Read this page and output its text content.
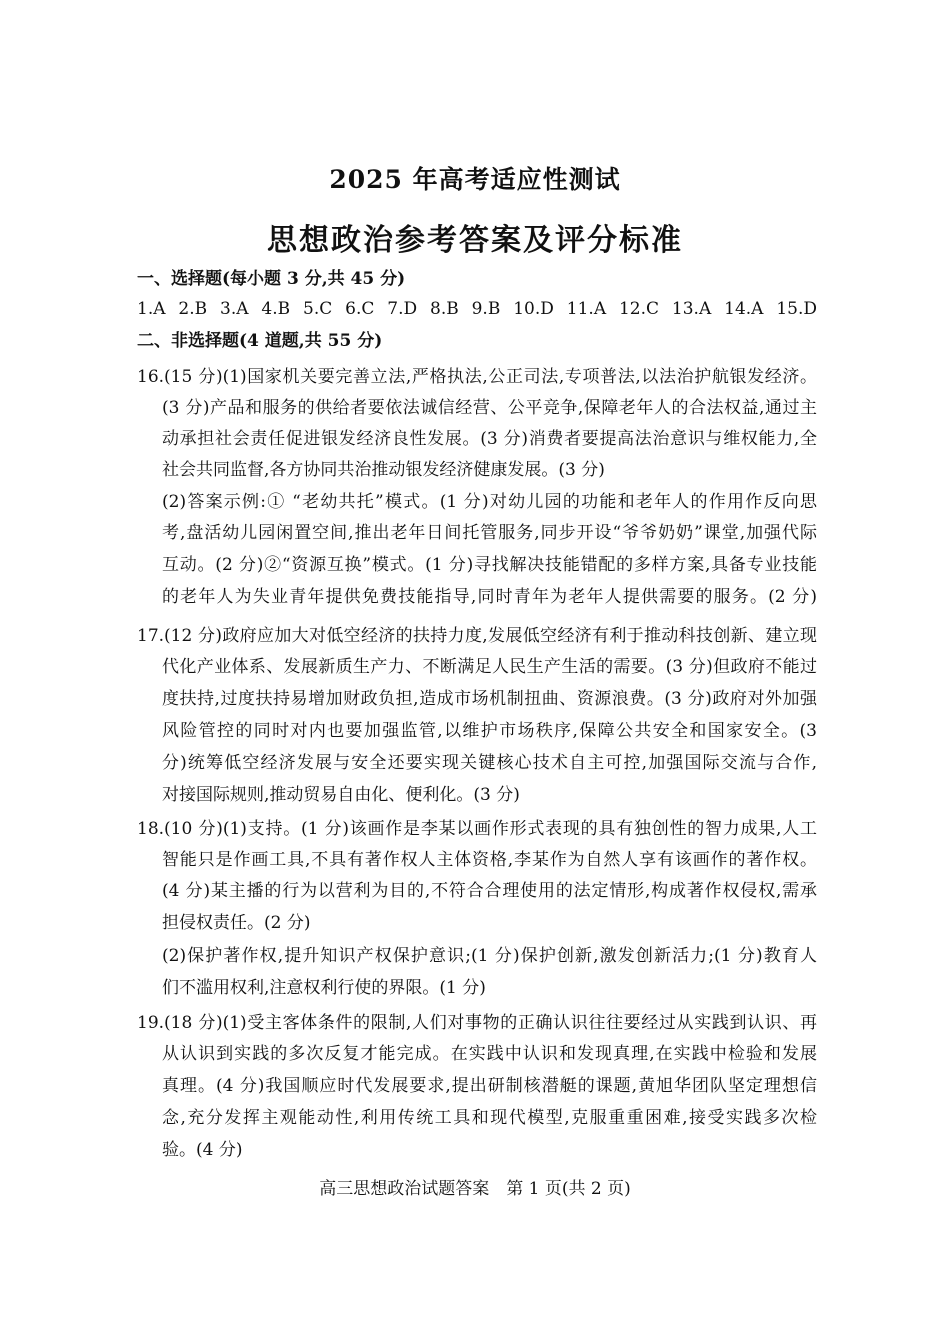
2025 年高考适应性测试
思想政治参考答案及评分标准
一、选择题(每小题 3 分,共 45 分)
1.A 2.B 3.A 4.B 5.C 6.C 7.D 8.B 9.B 10.D 11.A 12.C 13.A 14.A 15.D
二、非选择题(4 道题,共 55 分)
16.(15 分)(1)国家机关要完善立法,严格执法,公正司法,专项普法,以法治护航银发经济。
(3 分)产品和服务的供给者要依法诚信经营、公平竞争,保障老年人的合法权益,通过主
动承担社会责任促进银发经济良性发展。(3 分)消费者要提高法治意识与维权能力,全
社会共同监督,各方协同共治推动银发经济健康发展。(3 分)
(2)答案示例:① “老幼共托”模式。(1 分)对幼儿园的功能和老年人的作用作反向思
考,盘活幼儿园闲置空间,推出老年日间托管服务,同步开设“爷爷奶奶”课堂,加强代际
互动。(2 分)②“资源互换”模式。(1 分)寻找解决技能错配的多样方案,具备专业技能
的老年人为失业青年提供免费技能指导,同时青年为老年人提供需要的服务。(2 分)
17.(12 分)政府应加大对低空经济的扶持力度,发展低空经济有利于推动科技创新、建立现
代化产业体系、发展新质生产力、不断满足人民生产生活的需要。(3 分)但政府不能过
度扶持,过度扶持易增加财政负担,造成市场机制扭曲、资源浪费。(3 分)政府对外加强
风险管控的同时对内也要加强监管,以维护市场秩序,保障公共安全和国家安全。(3
分)统筹低空经济发展与安全还要实现关键核心技术自主可控,加强国际交流与合作,
对接国际规则,推动贸易自由化、便利化。(3 分)
18.(10 分)(1)支持。(1 分)该画作是李某以画作形式表现的具有独创性的智力成果,人工
智能只是作画工具,不具有著作权人主体资格,李某作为自然人享有该画作的著作权。
(4 分)某主播的行为以营利为目的,不符合合理使用的法定情形,构成著作权侵权,需承
担侵权责任。(2 分)
(2)保护著作权,提升知识产权保护意识;(1 分)保护创新,激发创新活力;(1 分)教育人
们不滥用权利,注意权利行使的界限。(1 分)
19.(18 分)(1)受主客体条件的限制,人们对事物的正确认识往往要经过从实践到认识、再
从认识到实践的多次反复才能完成。在实践中认识和发现真理,在实践中检验和发展
真理。(4 分)我国顺应时代发展要求,提出研制核潜艇的课题,黄旭华团队坚定理想信
念,充分发挥主观能动性,利用传统工具和现代模型,克服重重困难,接受实践多次检
验。(4 分)
高三思想政治试题答案　第 1 页(共 2 页)
